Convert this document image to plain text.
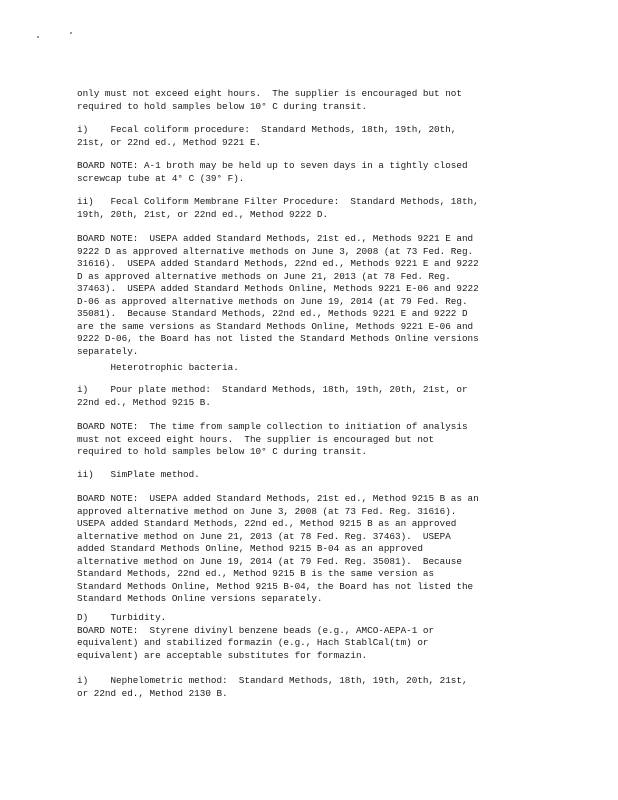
only must not exceed eight hours.  The supplier is encouraged but not
required to hold samples below 10° C during transit.

i)    Fecal coliform procedure:  Standard Methods, 18th, 19th, 20th,
21st, or 22nd ed., Method 9221 E.

BOARD NOTE: A-1 broth may be held up to seven days in a tightly closed
screwcap tube at 4° C (39° F).

ii)   Fecal Coliform Membrane Filter Procedure:  Standard Methods, 18th,
19th, 20th, 21st, or 22nd ed., Method 9222 D.

BOARD NOTE:  USEPA added Standard Methods, 21st ed., Methods 9221 E and
9222 D as approved alternative methods on June 3, 2008 (at 73 Fed. Reg.
31616).  USEPA added Standard Methods, 22nd ed., Methods 9221 E and 9222
D as approved alternative methods on June 21, 2013 (at 78 Fed. Reg.
37463).  USEPA added Standard Methods Online, Methods 9221 E-06 and 9222
D-06 as approved alternative methods on June 19, 2014 (at 79 Fed. Reg.
35081).  Because Standard Methods, 22nd ed., Methods 9221 E and 9222 D
are the same versions as Standard Methods Online, Methods 9221 E-06 and
9222 D-06, the Board has not listed the Standard Methods Online versions
separately.

Heterotrophic bacteria.

i)    Pour plate method:  Standard Methods, 18th, 19th, 20th, 21st, or
22nd ed., Method 9215 B.

BOARD NOTE:  The time from sample collection to initiation of analysis
must not exceed eight hours.  The supplier is encouraged but not
required to hold samples below 10° C during transit.

ii)   SimPlate method.

BOARD NOTE:  USEPA added Standard Methods, 21st ed., Method 9215 B as an
approved alternative method on June 3, 2008 (at 73 Fed. Reg. 31616).
USEPA added Standard Methods, 22nd ed., Method 9215 B as an approved
alternative method on June 21, 2013 (at 78 Fed. Reg. 37463).  USEPA
added Standard Methods Online, Method 9215 B-04 as an approved
alternative method on June 19, 2014 (at 79 Fed. Reg. 35081).  Because
Standard Methods, 22nd ed., Method 9215 B is the same version as
Standard Methods Online, Method 9215 B-04, the Board has not listed the
Standard Methods Online versions separately.

D)    Turbidity.
BOARD NOTE:  Styrene divinyl benzene beads (e.g., AMCO-AEPA-1 or
equivalent) and stabilized formazin (e.g., Hach StablCal(tm) or
equivalent) are acceptable substitutes for formazin.

i)    Nephelometric method:  Standard Methods, 18th, 19th, 20th, 21st,
or 22nd ed., Method 2130 B.
